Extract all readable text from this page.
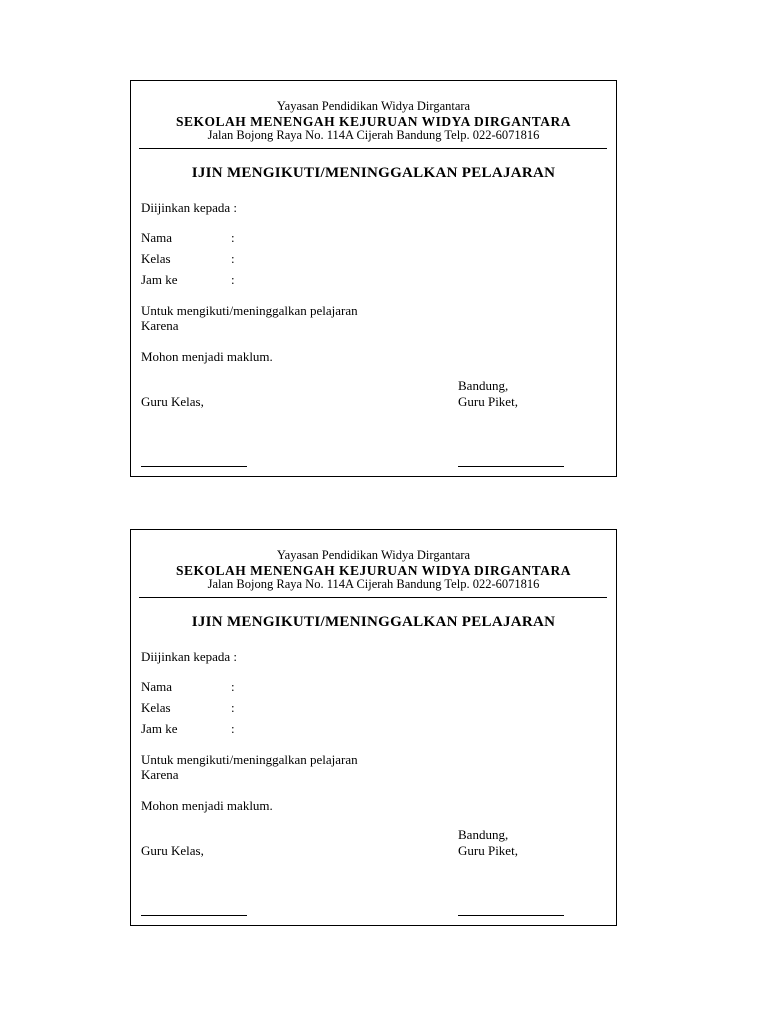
Yayasan Pendidikan Widya Dirgantara
SEKOLAH MENENGAH KEJURUAN WIDYA DIRGANTARA
Jalan Bojong Raya No. 114A Cijerah Bandung Telp. 022-6071816
IJIN MENGIKUTI/MENINGGALKAN PELAJARAN
Diijinkan kepada :
Nama	:
Kelas	:
Jam ke	:
Untuk mengikuti/meninggalkan pelajaran
Karena
Mohon menjadi maklum.
Bandung,
Guru Kelas,	Guru Piket,
Yayasan Pendidikan Widya Dirgantara
SEKOLAH MENENGAH KEJURUAN WIDYA DIRGANTARA
Jalan Bojong Raya No. 114A Cijerah Bandung Telp. 022-6071816
IJIN MENGIKUTI/MENINGGALKAN PELAJARAN
Diijinkan kepada :
Nama	:
Kelas	:
Jam ke	:
Untuk mengikuti/meninggalkan pelajaran
Karena
Mohon menjadi maklum.
Bandung,
Guru Kelas,	Guru Piket,
